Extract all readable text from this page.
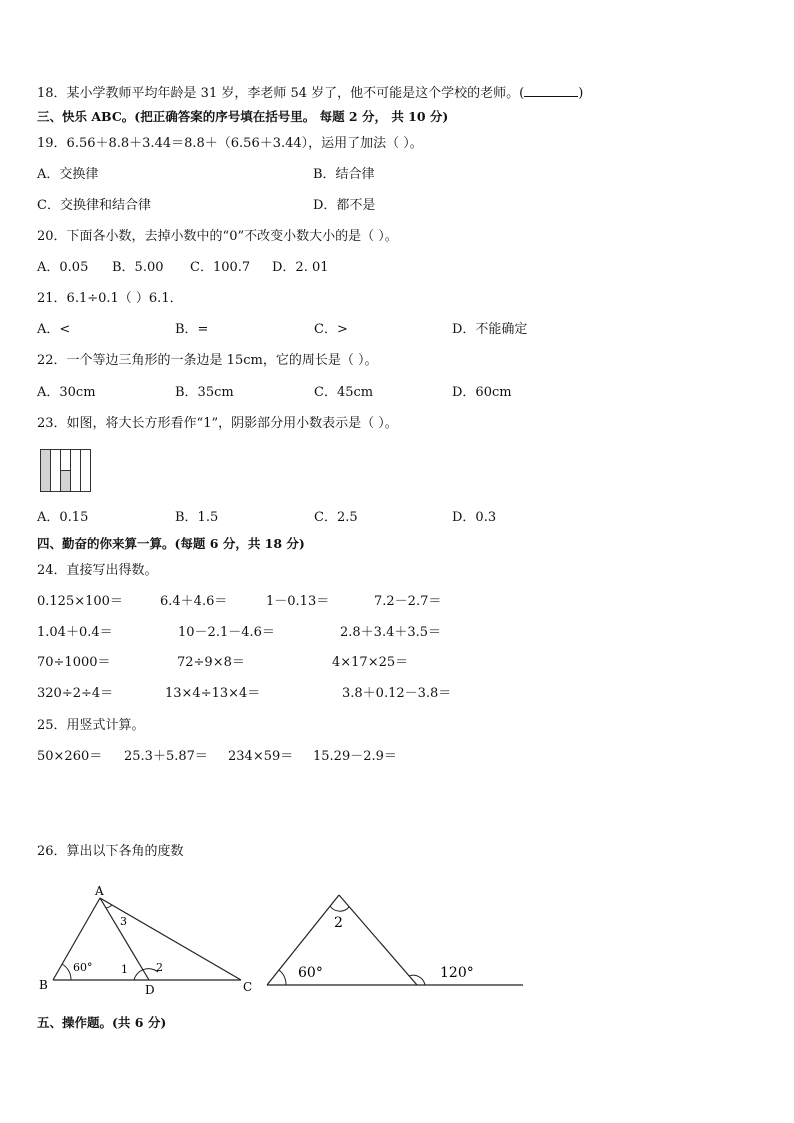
18．某小学教师平均年龄是 31 岁，李老师 54 岁了，他不可能是这个学校的老师。(	)
三、快乐 ABC。(把正确答案的序号填在括号里。 每题 2 分， 共 10 分)
19．6.56＋8.8＋3.44＝8.8＋（6.56＋3.44），运用了加法（ ）。
A．交换律	B．结合律
C．交换律和结合律	D．都不是
20．下面各小数，去掉小数中的“0”不改变小数大小的是（ ）。
A．0.05 B．5.00 C．100.7 D．2. 01
21．6.1÷0.1（ ）6.1．
A．<	B．=	C．>	D．不能确定
22．一个等边三角形的一条边是 15cm，它的周长是（ ）。
A．30cm	B．35cm	C．45cm	D．60cm
23．如图，将大长方形看作“1”，阴影部分用小数表示是（ ）。
A．0.15	B．1.5	C．2.5	D．0.3
四、勤奋的你来算一算。(每题 6 分，共 18 分)
24．直接写出得数。
0.125×100＝	6.4＋4.6＝	1－0.13＝	7.2－2.7＝
1.04＋0.4＝	10－2.1－4.6＝	2.8＋3.4＋3.5＝
70÷1000＝	72÷9×8＝	4×17×25＝
320÷2÷4＝	13×4÷13×4＝	3.8＋0.12－3.8＝
25．用竖式计算。
50×260＝ 25.3＋5.87＝ 234×59＝ 15.29－2.9＝
26．算出以下各角的度数
A
B	C
D
60°	1	2
3	2
60°	120°
五、操作题。(共 6 分)
